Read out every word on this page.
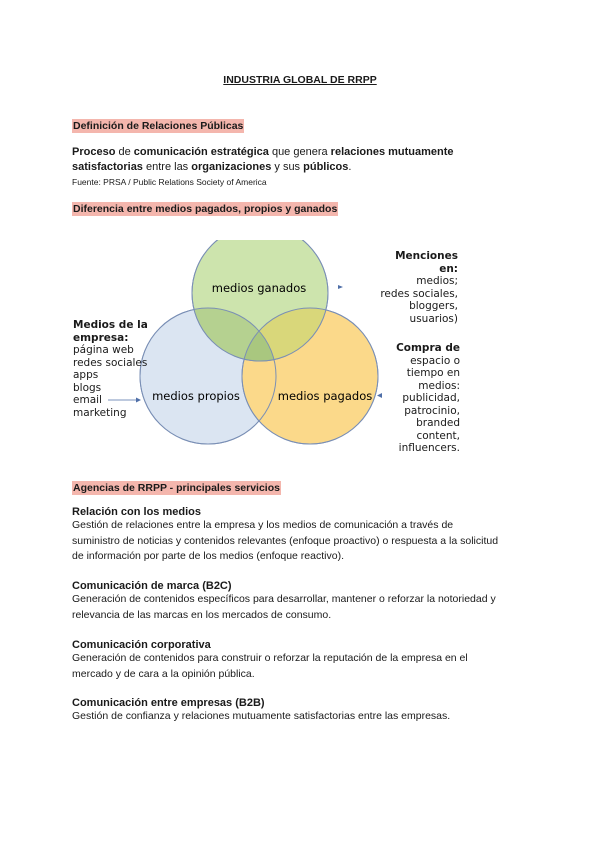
INDUSTRIA GLOBAL DE RRPP
Definición de Relaciones Públicas
Proceso de comunicación estratégica que genera relaciones mutuamente
satisfactorias entre las organizaciones y sus públicos.
Fuente: PRSA / Public Relations Society of America
Diferencia entre medios pagados, propios y ganados
medios ganados
medios propios	medios pagados
Medios de la
empresa:
página web
redes sociales
apps
blogs
email
marketing
Menciones
en:
medios;
redes sociales,
bloggers,
usuarios)
Compra de
espacio o
tiempo en
medios:
publicidad,
patrocinio,
branded
content,
influencers.
Agencias de RRPP - principales servicios
Relación con los medios
Gestión de relaciones entre la empresa y los medios de comunicación a través de
suministro de noticias y contenidos relevantes (enfoque proactivo) o respuesta a la solicitud
de información por parte de los medios (enfoque reactivo).
Comunicación de marca (B2C)
Generación de contenidos específicos para desarrollar, mantener o reforzar la notoriedad y
relevancia de las marcas en los mercados de consumo.
Comunicación corporativa
Generación de contenidos para construir o reforzar la reputación de la empresa en el
mercado y de cara a la opinión pública.
Comunicación entre empresas (B2B)
Gestión de confianza y relaciones mutuamente satisfactorias entre las empresas.
